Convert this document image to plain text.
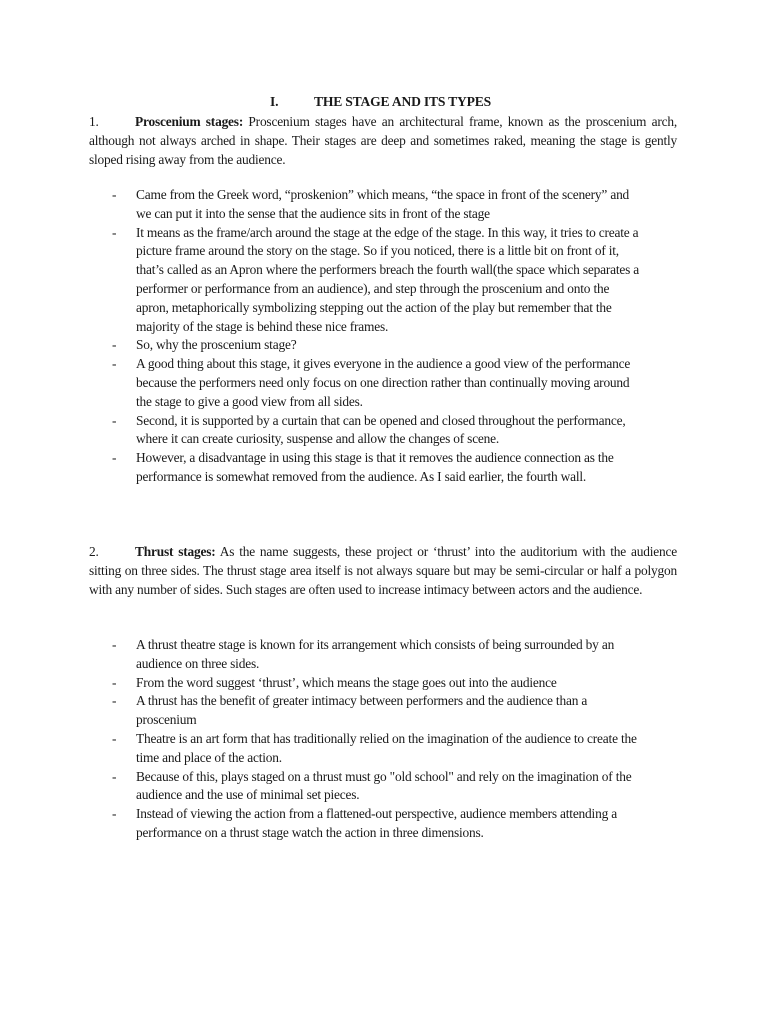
I.	THE STAGE AND ITS TYPES

1.	Proscenium stages: Proscenium stages have an architectural frame, known as the proscenium arch, although not always arched in shape. Their stages are deep and sometimes raked, meaning the stage is gently sloped rising away from the audience.

- Came from the Greek word, “proskenion” which means, “the space in front of the scenery” and
we can put it into the sense that the audience sits in front of the stage
- It means as the frame/arch around the stage at the edge of the stage. In this way, it tries to create a
picture frame around the story on the stage. So if you noticed, there is a little bit on front of it,
that’s called as an Apron where the performers breach the fourth wall(the space which separates a
performer or performance from an audience), and step through the proscenium and onto the
apron, metaphorically symbolizing stepping out the action of the play but remember that the
majority of the stage is behind these nice frames.
- So, why the proscenium stage?
- A good thing about this stage, it gives everyone in the audience a good view of the performance
because the performers need only focus on one direction rather than continually moving around
the stage to give a good view from all sides.
- Second, it is supported by a curtain that can be opened and closed throughout the performance,
where it can create curiosity, suspense and allow the changes of scene.
- However, a disadvantage in using this stage is that it removes the audience connection as the
performance is somewhat removed from the audience. As I said earlier, the fourth wall.

2.	Thrust stages: As the name suggests, these project or ‘thrust’ into the auditorium with the audience sitting on three sides. The thrust stage area itself is not always square but may be semi-circular or half a polygon with any number of sides. Such stages are often used to increase intimacy between actors and the audience.

- A thrust theatre stage is known for its arrangement which consists of being surrounded by an
audience on three sides.
- From the word suggest ‘thrust’, which means the stage goes out into the audience
- A thrust has the benefit of greater intimacy between performers and the audience than a
proscenium
- Theatre is an art form that has traditionally relied on the imagination of the audience to create the
time and place of the action.
- Because of this, plays staged on a thrust must go "old school" and rely on the imagination of the
audience and the use of minimal set pieces.
- Instead of viewing the action from a flattened-out perspective, audience members attending a
performance on a thrust stage watch the action in three dimensions.
